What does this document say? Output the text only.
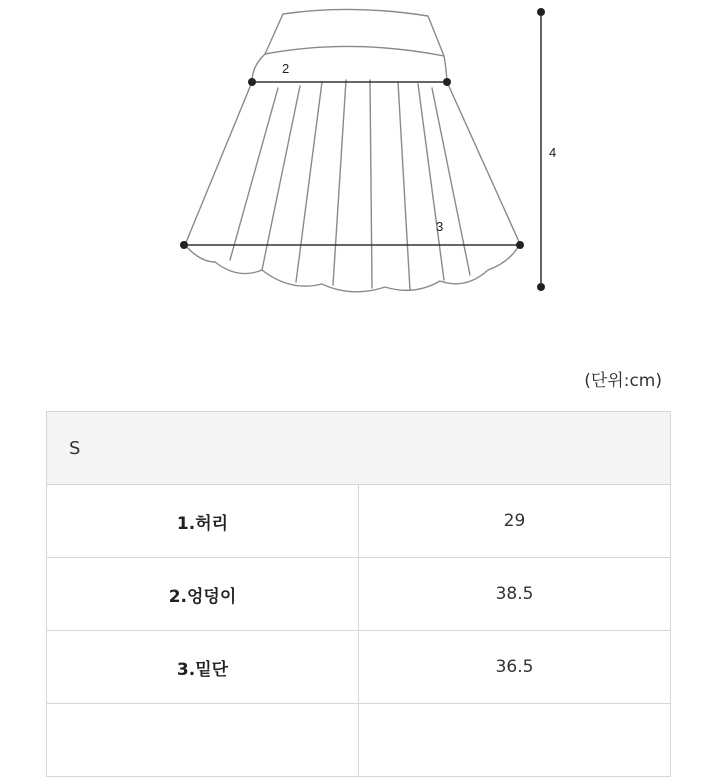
2
3
4
(단위:cm)
S	
1.허리	29
2.엉덩이	38.5
3.밑단	36.5
